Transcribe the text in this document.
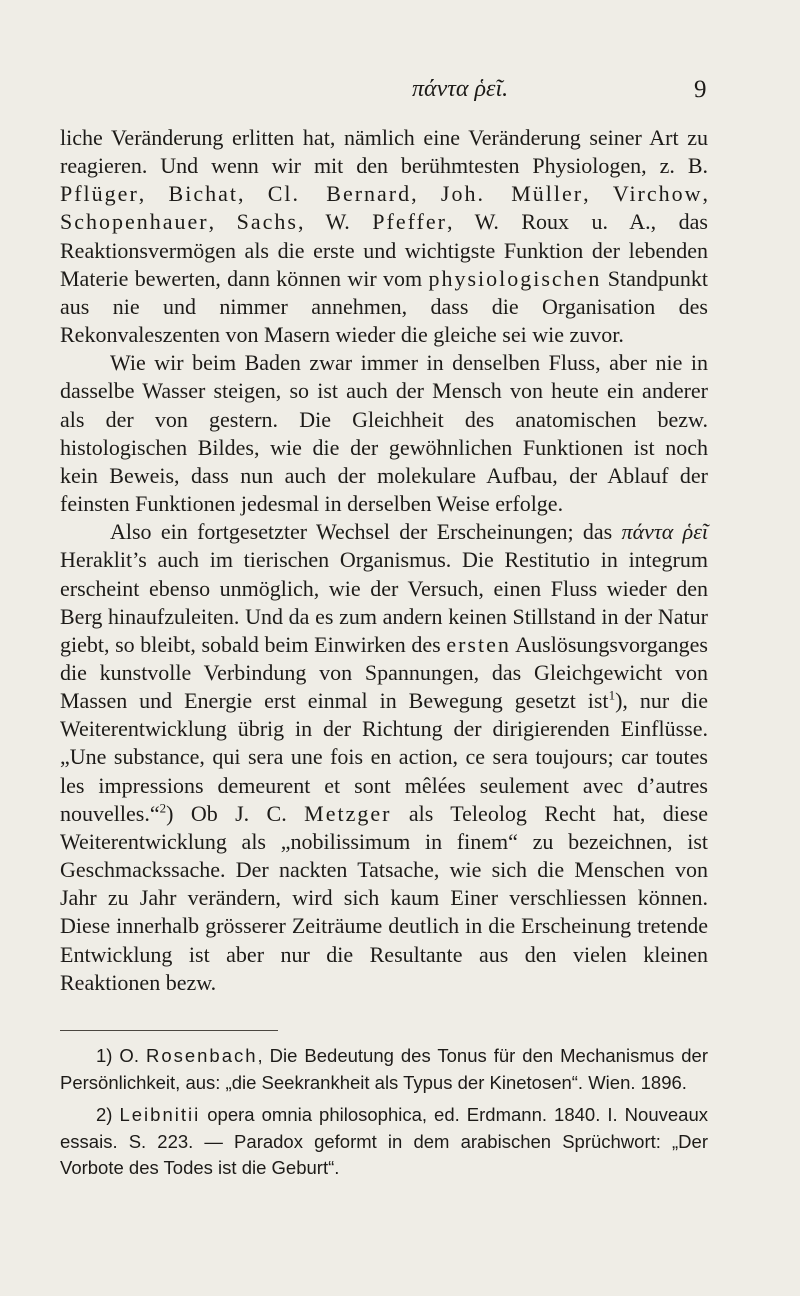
πάντα ῥεῖ.	9

liche Veränderung erlitten hat, nämlich eine Veränderung seiner Art zu reagieren. Und wenn wir mit den berühmtesten Physiologen, z. B. Pflüger, Bichat, Cl. Bernard, Joh. Müller, Virchow, Schopenhauer, Sachs, W. Pfeffer, W. Roux u. A., das Reaktionsvermögen als die erste und wichtigste Funktion der lebenden Materie bewerten, dann können wir vom physiologischen Standpunkt aus nie und nimmer annehmen, dass die Organisation des Rekonvaleszenten von Masern wieder die gleiche sei wie zuvor.

Wie wir beim Baden zwar immer in denselben Fluss, aber nie in dasselbe Wasser steigen, so ist auch der Mensch von heute ein anderer als der von gestern. Die Gleichheit des anatomischen bezw. histologischen Bildes, wie die der gewöhnlichen Funktionen ist noch kein Beweis, dass nun auch der molekulare Aufbau, der Ablauf der feinsten Funktionen jedesmal in derselben Weise erfolge.

Also ein fortgesetzter Wechsel der Erscheinungen; das πάντα ῥεῖ Heraklit’s auch im tierischen Organismus. Die Restitutio in integrum erscheint ebenso unmöglich, wie der Versuch, einen Fluss wieder den Berg hinaufzuleiten. Und da es zum andern keinen Stillstand in der Natur giebt, so bleibt, sobald beim Einwirken des ersten Auslösungsvorganges die kunstvolle Verbindung von Spannungen, das Gleichgewicht von Massen und Energie erst einmal in Bewegung gesetzt ist$^1$), nur die Weiterentwicklung übrig in der Richtung der dirigierenden Einflüsse. „Une substance, qui sera une fois en action, ce sera toujours; car toutes les impressions demeurent et sont mêlées seulement avec d’autres nouvelles.“$^2$) Ob J. C. Metzger als Teleolog Recht hat, diese Weiterentwicklung als „nobilissimum in finem“ zu bezeichnen, ist Geschmackssache. Der nackten Tatsache, wie sich die Menschen von Jahr zu Jahr verändern, wird sich kaum Einer verschliessen können. Diese innerhalb grösserer Zeiträume deutlich in die Erscheinung tretende Entwicklung ist aber nur die Resultante aus den vielen kleinen Reaktionen bezw.

1) O. Rosenbach, Die Bedeutung des Tonus für den Mechanismus der Persönlichkeit, aus: „die Seekrankheit als Typus der Kinetosen“. Wien. 1896.

2) Leibnitii opera omnia philosophica, ed. Erdmann. 1840. I. Nouveaux essais. S. 223. — Paradox geformt in dem arabischen Sprüchwort: „Der Vorbote des Todes ist die Geburt“.
